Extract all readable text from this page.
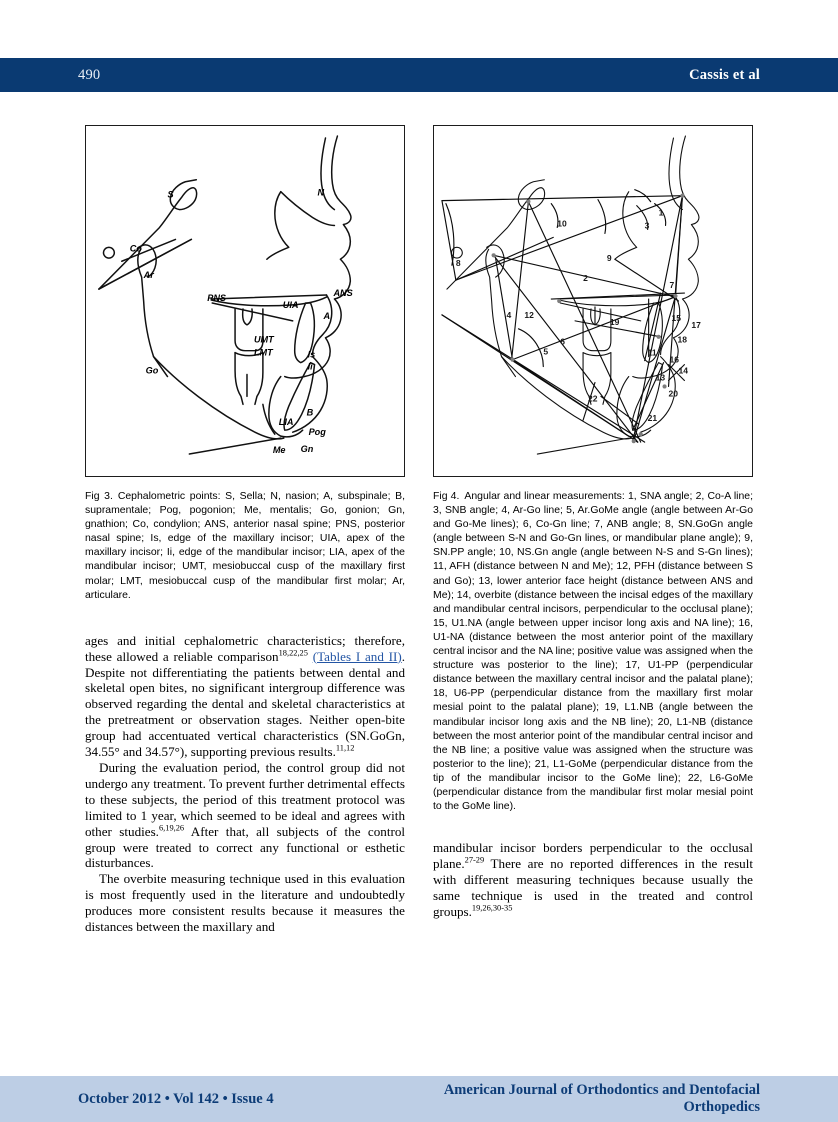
490	Cassis et al
S	N
Co
Ar
PNS	ANS
UIA
A
UMT
LMT	Is
Ii
Go
LIA
B
Pog
Me Gn
Fig 3. Cephalometric points: S, Sella; N, nasion; A, subspinale; B, supramentale; Pog, pogonion; Me, mentalis; Go, gonion; Gn, gnathion; Co, condylion; ANS, anterior nasal spine; PNS, posterior nasal spine; Is, edge of the maxillary incisor; UIA, apex of the maxillary incisor; Ii, edge of the mandibular incisor; LIA, apex of the mandibular incisor; UMT, mesiobuccal cusp of the maxillary first molar; LMT, mesiobuccal cusp of the mandibular first molar; Ar, articulare.

ages and initial cephalometric characteristics; therefore, these allowed a reliable comparison$^{18,22,25}$ (Tables I and II). Despite not differentiating the patients between dental and skeletal open bites, no significant intergroup difference was observed regarding the dental and skeletal characteristics at the pretreatment or observation stages. Neither open-bite group had accentuated vertical characteristics (SN.GoGn, 34.55° and 34.57°), supporting previous results.$^{11,12}$

During the evaluation period, the control group did not undergo any treatment. To prevent further detrimental effects to these subjects, the period of this treatment protocol was limited to 1 year, which seemed to be ideal and agrees with other studies.$^{6,19,26}$ After that, all subjects of the control group were treated to correct any functional or esthetic disturbances.

The overbite measuring technique used in this evaluation is most frequently used in the literature and undoubtedly produces more consistent results because it measures the distances between the maxillary and

1
2
3
4
5
6
7
8	9
10
11
12
13
14
15
16
17
18
19
20
21
22
Fig 4. Angular and linear measurements: 1, SNA angle; 2, Co-A line; 3, SNB angle; 4, Ar-Go line; 5, Ar.GoMe angle (angle between Ar-Go and Go-Me lines); 6, Co-Gn line; 7, ANB angle; 8, SN.GoGn angle (angle between S-N and Go-Gn lines, or mandibular plane angle); 9, SN.PP angle; 10, NS.Gn angle (angle between N-S and S-Gn lines); 11, AFH (distance between N and Me); 12, PFH (distance between S and Go); 13, lower anterior face height (distance between ANS and Me); 14, overbite (distance between the incisal edges of the maxillary and mandibular central incisors, perpendicular to the occlusal plane); 15, U1.NA (angle between upper incisor long axis and NA line); 16, U1-NA (distance between the most anterior point of the maxillary central incisor and the NA line; positive value was assigned when the structure was posterior to the line); 17, U1-PP (perpendicular distance between the maxillary central incisor and the palatal plane); 18, U6-PP (perpendicular distance from the maxillary first molar mesial point to the palatal plane); 19, L1.NB (angle between the mandibular incisor long axis and the NB line); 20, L1-NB (distance between the most anterior point of the mandibular central incisor and the NB line; a positive value was assigned when the structure was posterior to the line); 21, L1-GoMe (perpendicular distance from the tip of the mandibular incisor to the GoMe line); 22, L6-GoMe (perpendicular distance from the mandibular first molar mesial point to the GoMe line).

mandibular incisor borders perpendicular to the occlusal plane.$^{27-29}$ There are no reported differences in the result with different measuring techniques because usually the same technique is used in the treated and control groups.$^{19,26,30-35}$

October 2012 • Vol 142 • Issue 4
American Journal of Orthodontics and Dentofacial Orthopedics
